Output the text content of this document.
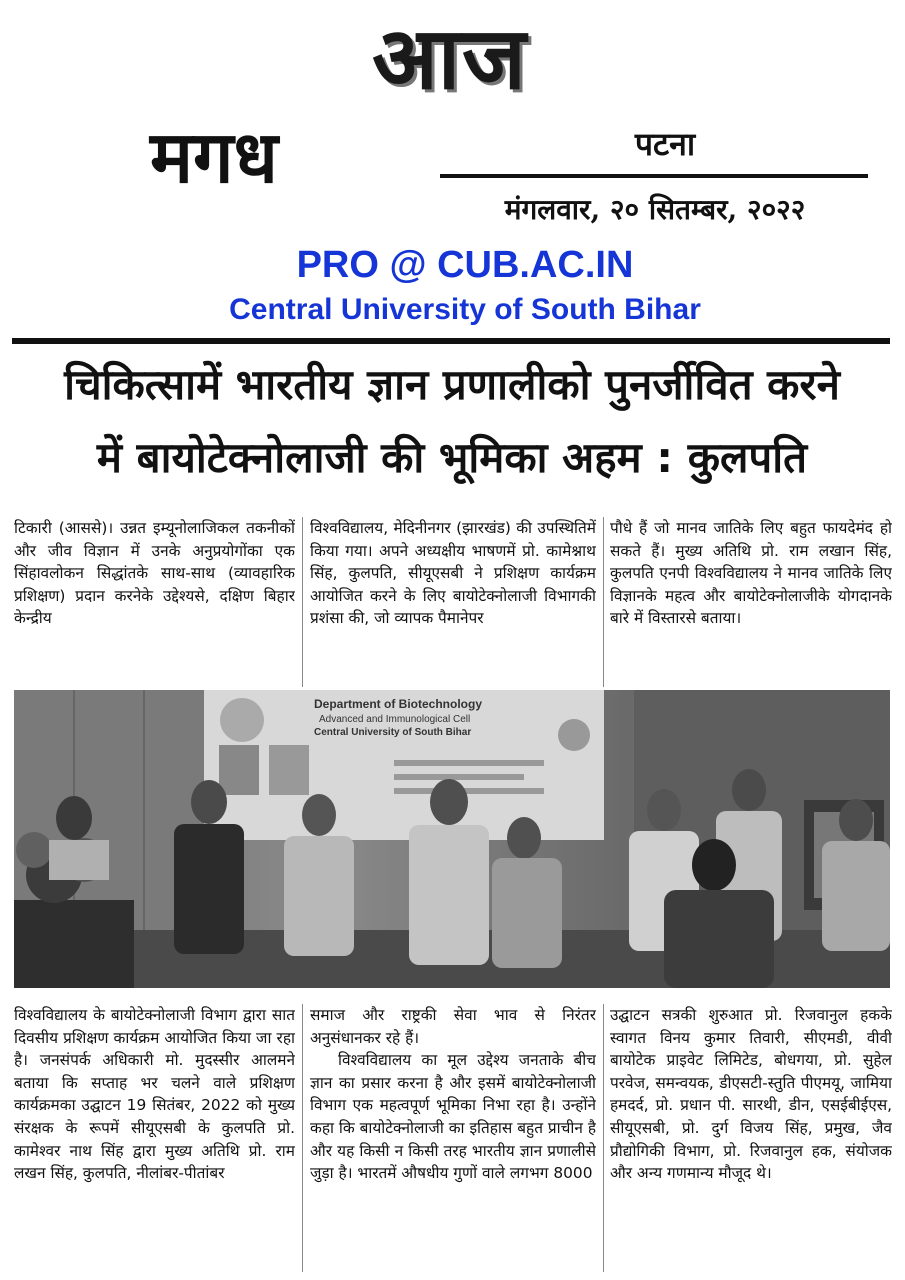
आज
मगध	पटना
मंगलवार, २० सितम्बर, २०२२
PRO @ CUB.AC.IN
Central University of South Bihar
चिकित्सामें भारतीय ज्ञान प्रणालीको पुनर्जीवित करने
में बायोटेक्नोलाजी की भूमिका अहम : कुलपति

टिकारी (आससे)। उन्नत इम्यूनोलाजिकल तकनीकों और जीव विज्ञान में उनके अनुप्रयोगोंका एक सिंहावलोकन सिद्धांतके साथ-साथ (व्यावहारिक प्रशिक्षण) प्रदान करनेके उद्देश्यसे, दक्षिण बिहार केन्द्रीय

विश्वविद्यालय, मेदिनीनगर (झारखंड) की उपस्थितिमें किया गया। अपने अध्यक्षीय भाषणमें प्रो. कामेश्नाथ सिंह, कुलपति, सीयूएसबी ने प्रशिक्षण कार्यक्रम आयोजित करने के लिए बायोटेक्नोलाजी विभागकी प्रशंसा की, जो व्यापक पैमानेपर

पौधे हैं जो मानव जातिके लिए बहुत फायदेमंद हो सकते हैं। मुख्य अतिथि प्रो. राम लखान सिंह, कुलपति एनपी विश्वविद्यालय ने मानव जातिके लिए विज्ञानके महत्व और बायोटेक्नोलाजीके योगदानके बारे में विस्तारसे बताया।

Department of Biotechnology
Advanced and Immunological Cell
Central University of South Bihar

विश्वविद्यालय के बायोटेक्नोलाजी विभाग द्वारा सात दिवसीय प्रशिक्षण कार्यक्रम आयोजित किया जा रहा है। जनसंपर्क अधिकारी मो. मुदस्सीर आलमने बताया कि सप्ताह भर चलने वाले प्रशिक्षण कार्यक्रमका उद्घाटन 19 सितंबर, 2022 को मुख्य संरक्षक के रूपमें सीयूएसबी के कुलपति प्रो. कामेश्वर नाथ सिंह द्वारा मुख्य अतिथि प्रो. राम लखन सिंह, कुलपति, नीलांबर-पीतांबर

समाज और राष्ट्रकी सेवा भाव से निरंतर अनुसंधानकर रहे हैं।
विश्वविद्यालय का मूल उद्देश्य जनताके बीच ज्ञान का प्रसार करना है और इसमें बायोटेक्नोलाजी विभाग एक महत्वपूर्ण भूमिका निभा रहा है। उन्होंने कहा कि बायोटेक्नोलाजी का इतिहास बहुत प्राचीन है और यह किसी न किसी तरह भारतीय ज्ञान प्रणालीसे जुड़ा है। भारतमें औषधीय गुणों वाले लगभग 8000

उद्घाटन सत्रकी शुरुआत प्रो. रिजवानुल हकके स्वागत विनय कुमार तिवारी, सीएमडी, वीवी बायोटेक प्राइवेट लिमिटेड, बोधगया, प्रो. सुहेल परवेज, समन्वयक, डीएसटी-स्तुति पीएमयू, जामिया हमदर्द, प्रो. प्रधान पी. सारथी, डीन, एसईबीईएस, सीयूएसबी, प्रो. दुर्ग विजय सिंह, प्रमुख, जैव प्रौद्योगिकी विभाग, प्रो. रिजवानुल हक, संयोजक और अन्य गणमान्य मौजूद थे।
